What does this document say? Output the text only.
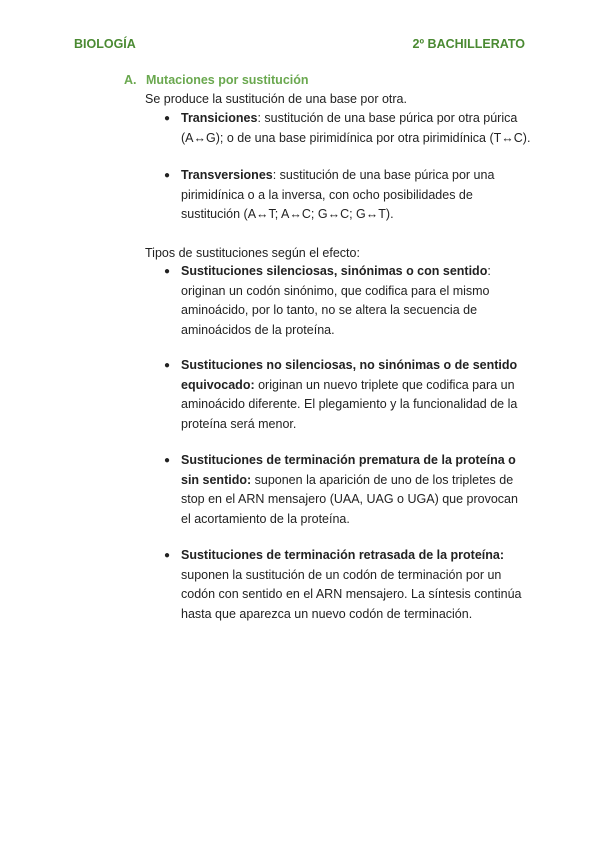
BIOLOGÍA	2º BACHILLERATO
A. Mutaciones por sustitución
Se produce la sustitución de una base por otra.
● Transiciones: sustitución de una base púrica por otra púrica (A↔G); o de una base pirimidínica por otra pirimidínica (T↔C).
● Transversiones: sustitución de una base púrica por una pirimidínica o a la inversa, con ocho posibilidades de sustitución (A↔T; A↔C; G↔C; G↔T).
Tipos de sustituciones según el efecto:
● Sustituciones silenciosas, sinónimas o con sentido: originan un codón sinónimo, que codifica para el mismo aminoácido, por lo tanto, no se altera la secuencia de aminoácidos de la proteína.
● Sustituciones no silenciosas, no sinónimas o de sentido equivocado: originan un nuevo triplete que codifica para un aminoácido diferente. El plegamiento y la funcionalidad de la proteína será menor.
● Sustituciones de terminación prematura de la proteína o sin sentido: suponen la aparición de uno de los tripletes de stop en el ARN mensajero (UAA, UAG o UGA) que provocan el acortamiento de la proteína.
● Sustituciones de terminación retrasada de la proteína: suponen la sustitución de un codón de terminación por un codón con sentido en el ARN mensajero. La síntesis continúa hasta que aparezca un nuevo codón de terminación.
